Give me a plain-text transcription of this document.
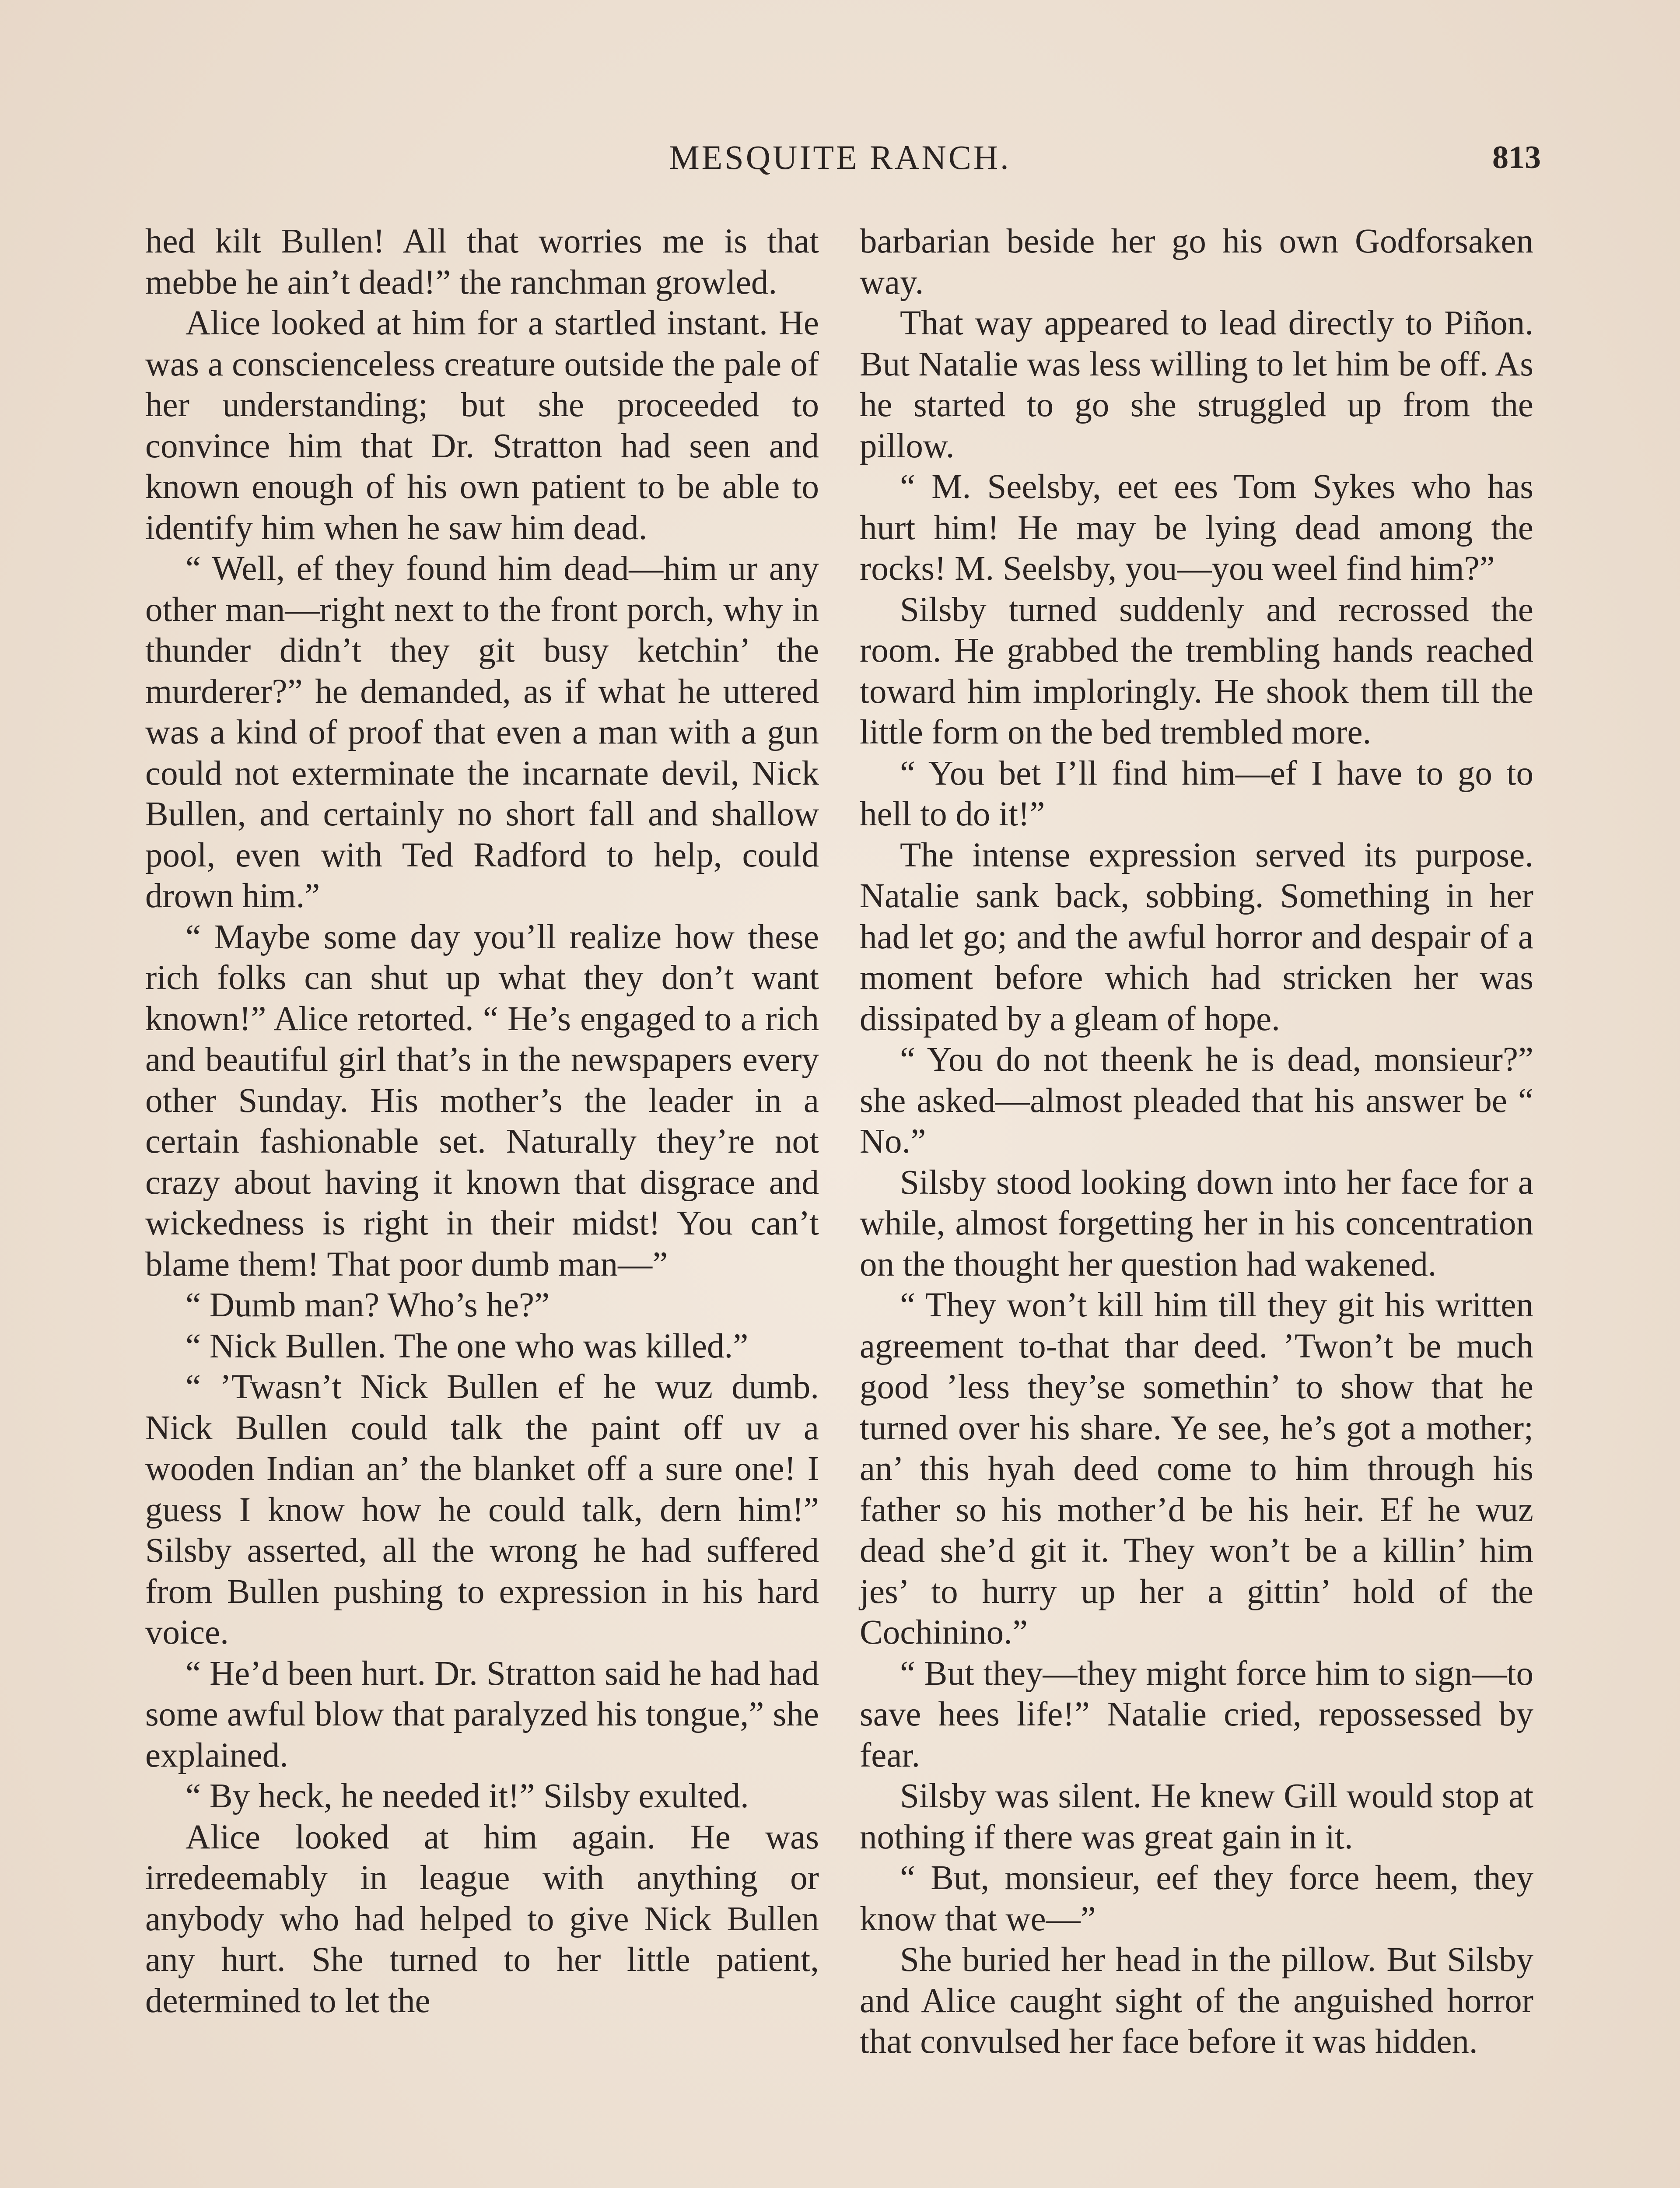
MESQUITE RANCH.	813

hed kilt Bullen! All that worries me is that mebbe he ain’t dead!” the ranchman growled.

Alice looked at him for a startled instant. He was a conscienceless creature outside the pale of her understanding; but she proceeded to convince him that Dr. Stratton had seen and known enough of his own patient to be able to identify him when he saw him dead.

“ Well, ef they found him dead—him ur any other man—right next to the front porch, why in thunder didn’t they git busy ketchin’ the murderer?” he demanded, as if what he uttered was a kind of proof that even a man with a gun could not exterminate the incarnate devil, Nick Bullen, and certainly no short fall and shallow pool, even with Ted Radford to help, could drown him.”

“ Maybe some day you’ll realize how these rich folks can shut up what they don’t want known!” Alice retorted. “ He’s engaged to a rich and beautiful girl that’s in the newspapers every other Sunday. His mother’s the leader in a certain fashionable set. Naturally they’re not crazy about having it known that disgrace and wickedness is right in their midst! You can’t blame them! That poor dumb man—”

“ Dumb man? Who’s he?”

“ Nick Bullen. The one who was killed.”

“ ’Twasn’t Nick Bullen ef he wuz dumb. Nick Bullen could talk the paint off uv a wooden Indian an’ the blanket off a sure one! I guess I know how he could talk, dern him!” Silsby asserted, all the wrong he had suffered from Bullen pushing to expression in his hard voice.

“ He’d been hurt. Dr. Stratton said he had had some awful blow that paralyzed his tongue,” she explained.

“ By heck, he needed it!” Silsby exulted.

Alice looked at him again. He was irredeemably in league with anything or anybody who had helped to give Nick Bullen any hurt. She turned to her little patient, determined to let the

barbarian beside her go his own Godforsaken way.

That way appeared to lead directly to Piñon. But Natalie was less willing to let him be off. As he started to go she struggled up from the pillow.

“ M. Seelsby, eet ees Tom Sykes who has hurt him! He may be lying dead among the rocks! M. Seelsby, you—you weel find him?”

Silsby turned suddenly and recrossed the room. He grabbed the trembling hands reached toward him imploringly. He shook them till the little form on the bed trembled more.

“ You bet I’ll find him—ef I have to go to hell to do it!”

The intense expression served its purpose. Natalie sank back, sobbing. Something in her had let go; and the awful horror and despair of a moment before which had stricken her was dissipated by a gleam of hope.

“ You do not theenk he is dead, monsieur?” she asked—almost pleaded that his answer be “ No.”

Silsby stood looking down into her face for a while, almost forgetting her in his concentration on the thought her question had wakened.

“ They won’t kill him till they git his written agreement to-that thar deed. ’Twon’t be much good ’less they’se somethin’ to show that he turned over his share. Ye see, he’s got a mother; an’ this hyah deed come to him through his father so his mother’d be his heir. Ef he wuz dead she’d git it. They won’t be a killin’ him jes’ to hurry up her a gittin’ hold of the Cochinino.”

“ But they—they might force him to sign—to save hees life!” Natalie cried, repossessed by fear.

Silsby was silent. He knew Gill would stop at nothing if there was great gain in it.

“ But, monsieur, eef they force heem, they know that we—”

She buried her head in the pillow. But Silsby and Alice caught sight of the anguished horror that convulsed her face before it was hidden.
